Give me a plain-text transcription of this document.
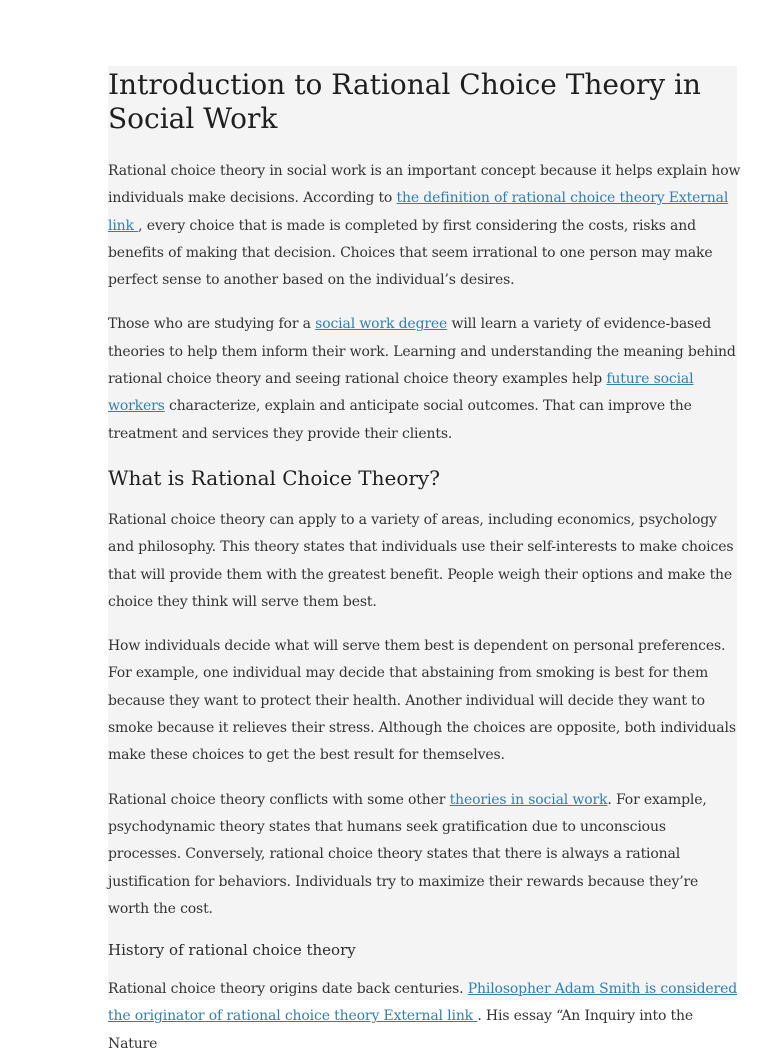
Introduction to Rational Choice Theory in Social Work

Rational choice theory in social work is an important concept because it helps explain how individuals make decisions. According to the definition of rational choice theory External link , every choice that is made is completed by first considering the costs, risks and benefits of making that decision. Choices that seem irrational to one person may make perfect sense to another based on the individual’s desires.

Those who are studying for a social work degree will learn a variety of evidence-based theories to help them inform their work. Learning and understanding the meaning behind rational choice theory and seeing rational choice theory examples help future social workers characterize, explain and anticipate social outcomes. That can improve the treatment and services they provide their clients.

What is Rational Choice Theory?

Rational choice theory can apply to a variety of areas, including economics, psychology and philosophy. This theory states that individuals use their self-interests to make choices that will provide them with the greatest benefit. People weigh their options and make the choice they think will serve them best.

How individuals decide what will serve them best is dependent on personal preferences. For example, one individual may decide that abstaining from smoking is best for them because they want to protect their health. Another individual will decide they want to smoke because it relieves their stress. Although the choices are opposite, both individuals make these choices to get the best result for themselves.

Rational choice theory conflicts with some other theories in social work. For example, psychodynamic theory states that humans seek gratification due to unconscious processes. Conversely, rational choice theory states that there is always a rational justification for behaviors. Individuals try to maximize their rewards because they’re worth the cost.

History of rational choice theory

Rational choice theory origins date back centuries. Philosopher Adam Smith is considered the originator of rational choice theory External link . His essay “An Inquiry into the Nature
